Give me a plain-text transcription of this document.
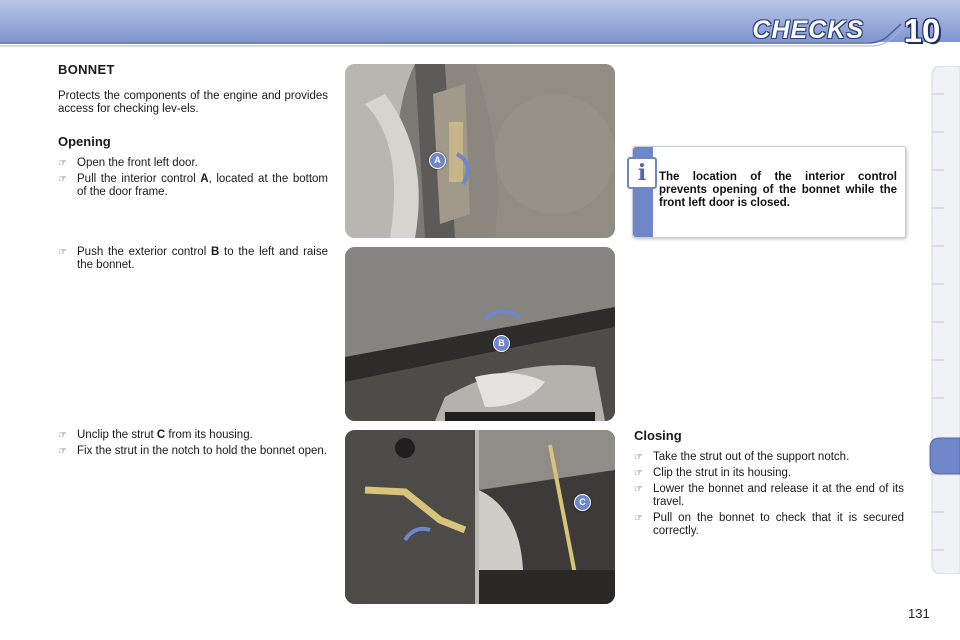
CHECKS 10
BONNET

Protects the components of the engine and provides access for checking lev-els.

Opening
☞ Open the front left door.
☞ Pull the interior control A, located at the bottom of the door frame.
☞ Push the exterior control B to the left and raise the bonnet.
☞ Unclip the strut C from its housing.
☞ Fix the strut in the notch to hold the bonnet open.
A
B
C
i	The location of the interior control prevents opening of the bonnet while the front left door is closed.
Closing
☞ Take the strut out of the support notch.
☞ Clip the strut in its housing.
☞ Lower the bonnet and release it at the end of its travel.
☞ Pull on the bonnet to check that it is secured correctly.
131
